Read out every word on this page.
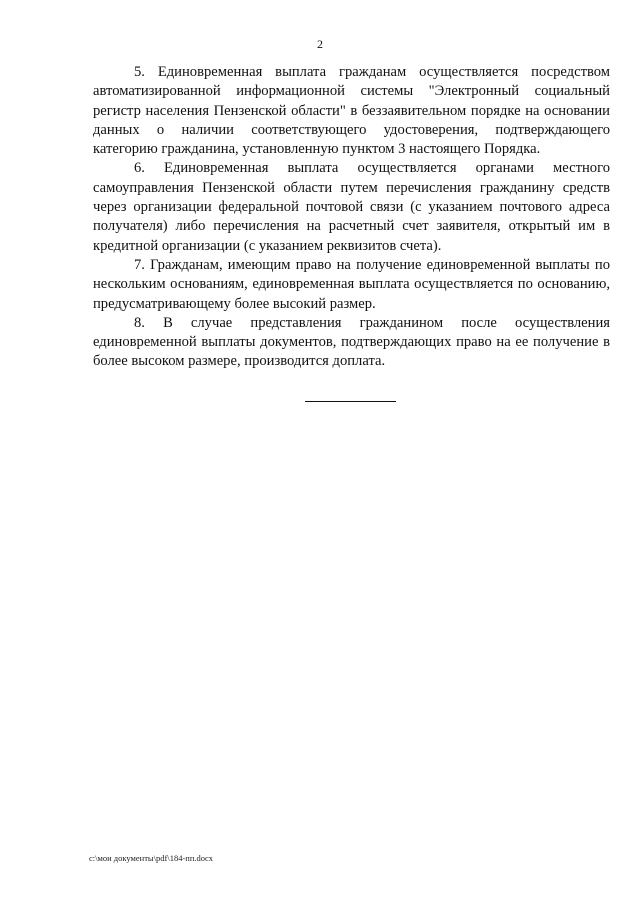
2

5. Единовременная выплата гражданам осуществляется посредством автоматизированной информационной системы "Электронный социальный регистр населения Пензенской области" в беззаявительном порядке на основании данных о наличии соответствующего удостоверения, подтверждающего категорию гражданина, установленную пунктом 3 настоящего Порядка.

6. Единовременная выплата осуществляется органами местного самоуправления Пензенской области путем перечисления гражданину средств через организации федеральной почтовой связи (с указанием почтового адреса получателя) либо перечисления на расчетный счет заявителя, открытый им в кредитной организации (с указанием реквизитов счета).

7. Гражданам, имеющим право на получение единовременной выплаты по нескольким основаниям, единовременная выплата осуществляется по основанию, предусматривающему более высокий размер.

8. В случае представления гражданином после осуществления единовременной выплаты документов, подтверждающих право на ее получение в более высоком размере, производится доплата.

c:\мои документы\pdf\184-пп.docx
